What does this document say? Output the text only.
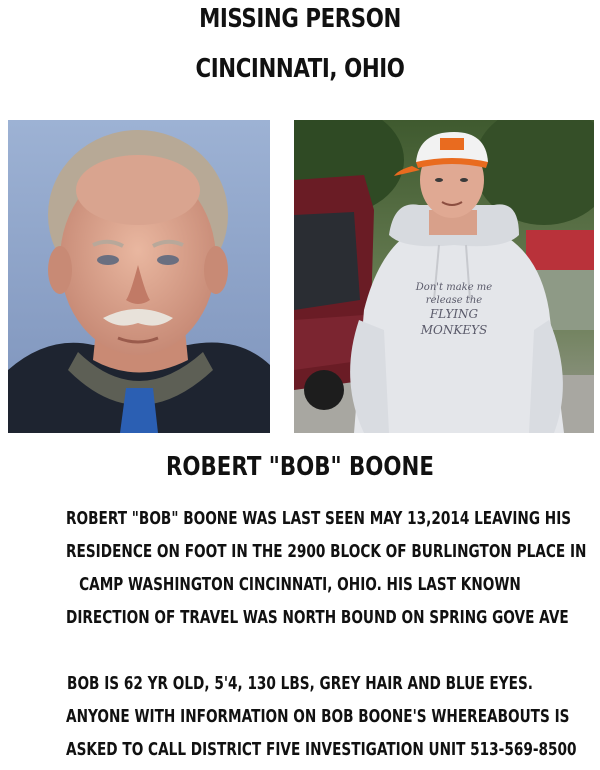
MISSING PERSON
CINCINNATI, OHIO
Don't make me
release the
FLYING
MONKEYS
ROBERT "BOB" BOONE
ROBERT "BOB" BOONE WAS LAST SEEN MAY 13,2014 LEAVING HIS
RESIDENCE ON FOOT IN THE 2900 BLOCK OF BURLINGTON PLACE IN
CAMP WASHINGTON CINCINNATI, OHIO. HIS LAST KNOWN
DIRECTION OF TRAVEL WAS NORTH BOUND ON SPRING GOVE AVE
BOB IS 62 YR OLD, 5'4, 130 LBS, GREY HAIR AND BLUE EYES.
ANYONE WITH INFORMATION ON BOB BOONE'S WHEREABOUTS IS
ASKED TO CALL DISTRICT FIVE INVESTIGATION UNIT 513-569-8500
